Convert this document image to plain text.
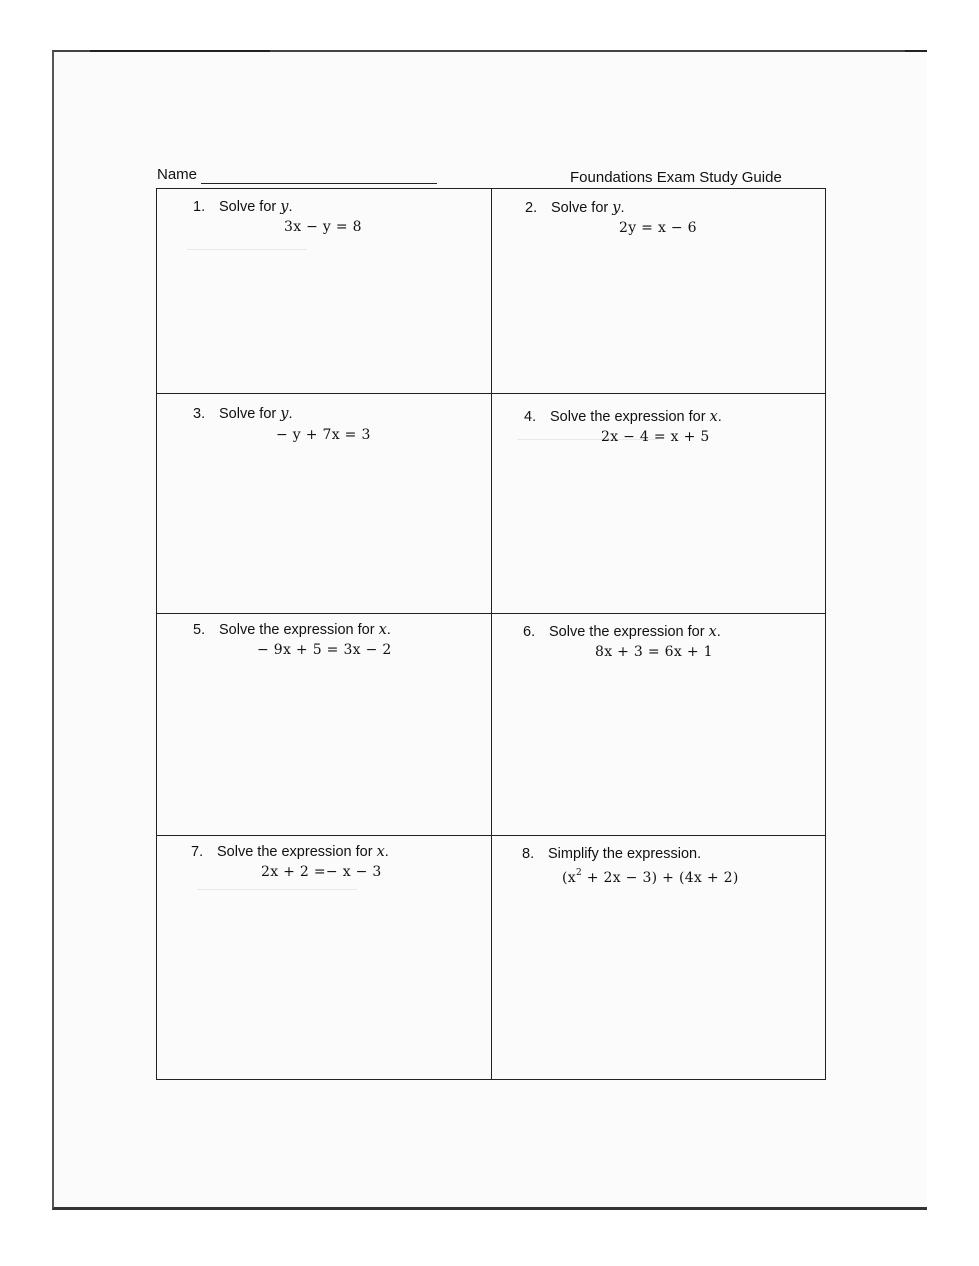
Name	Foundations Exam Study Guide
1. Solve for y.
3x − y = 8
2. Solve for y.
2y = x − 6
3. Solve for y.
− y + 7x = 3
4. Solve the expression for x.
2x − 4 = x + 5
5. Solve the expression for x.
− 9x + 5 = 3x − 2
6. Solve the expression for x.
8x + 3 = 6x + 1
7. Solve the expression for x.
2x + 2 =− x − 3
8. Simplify the expression.
$(x^2 + 2x - 3) + (4x + 2)$
